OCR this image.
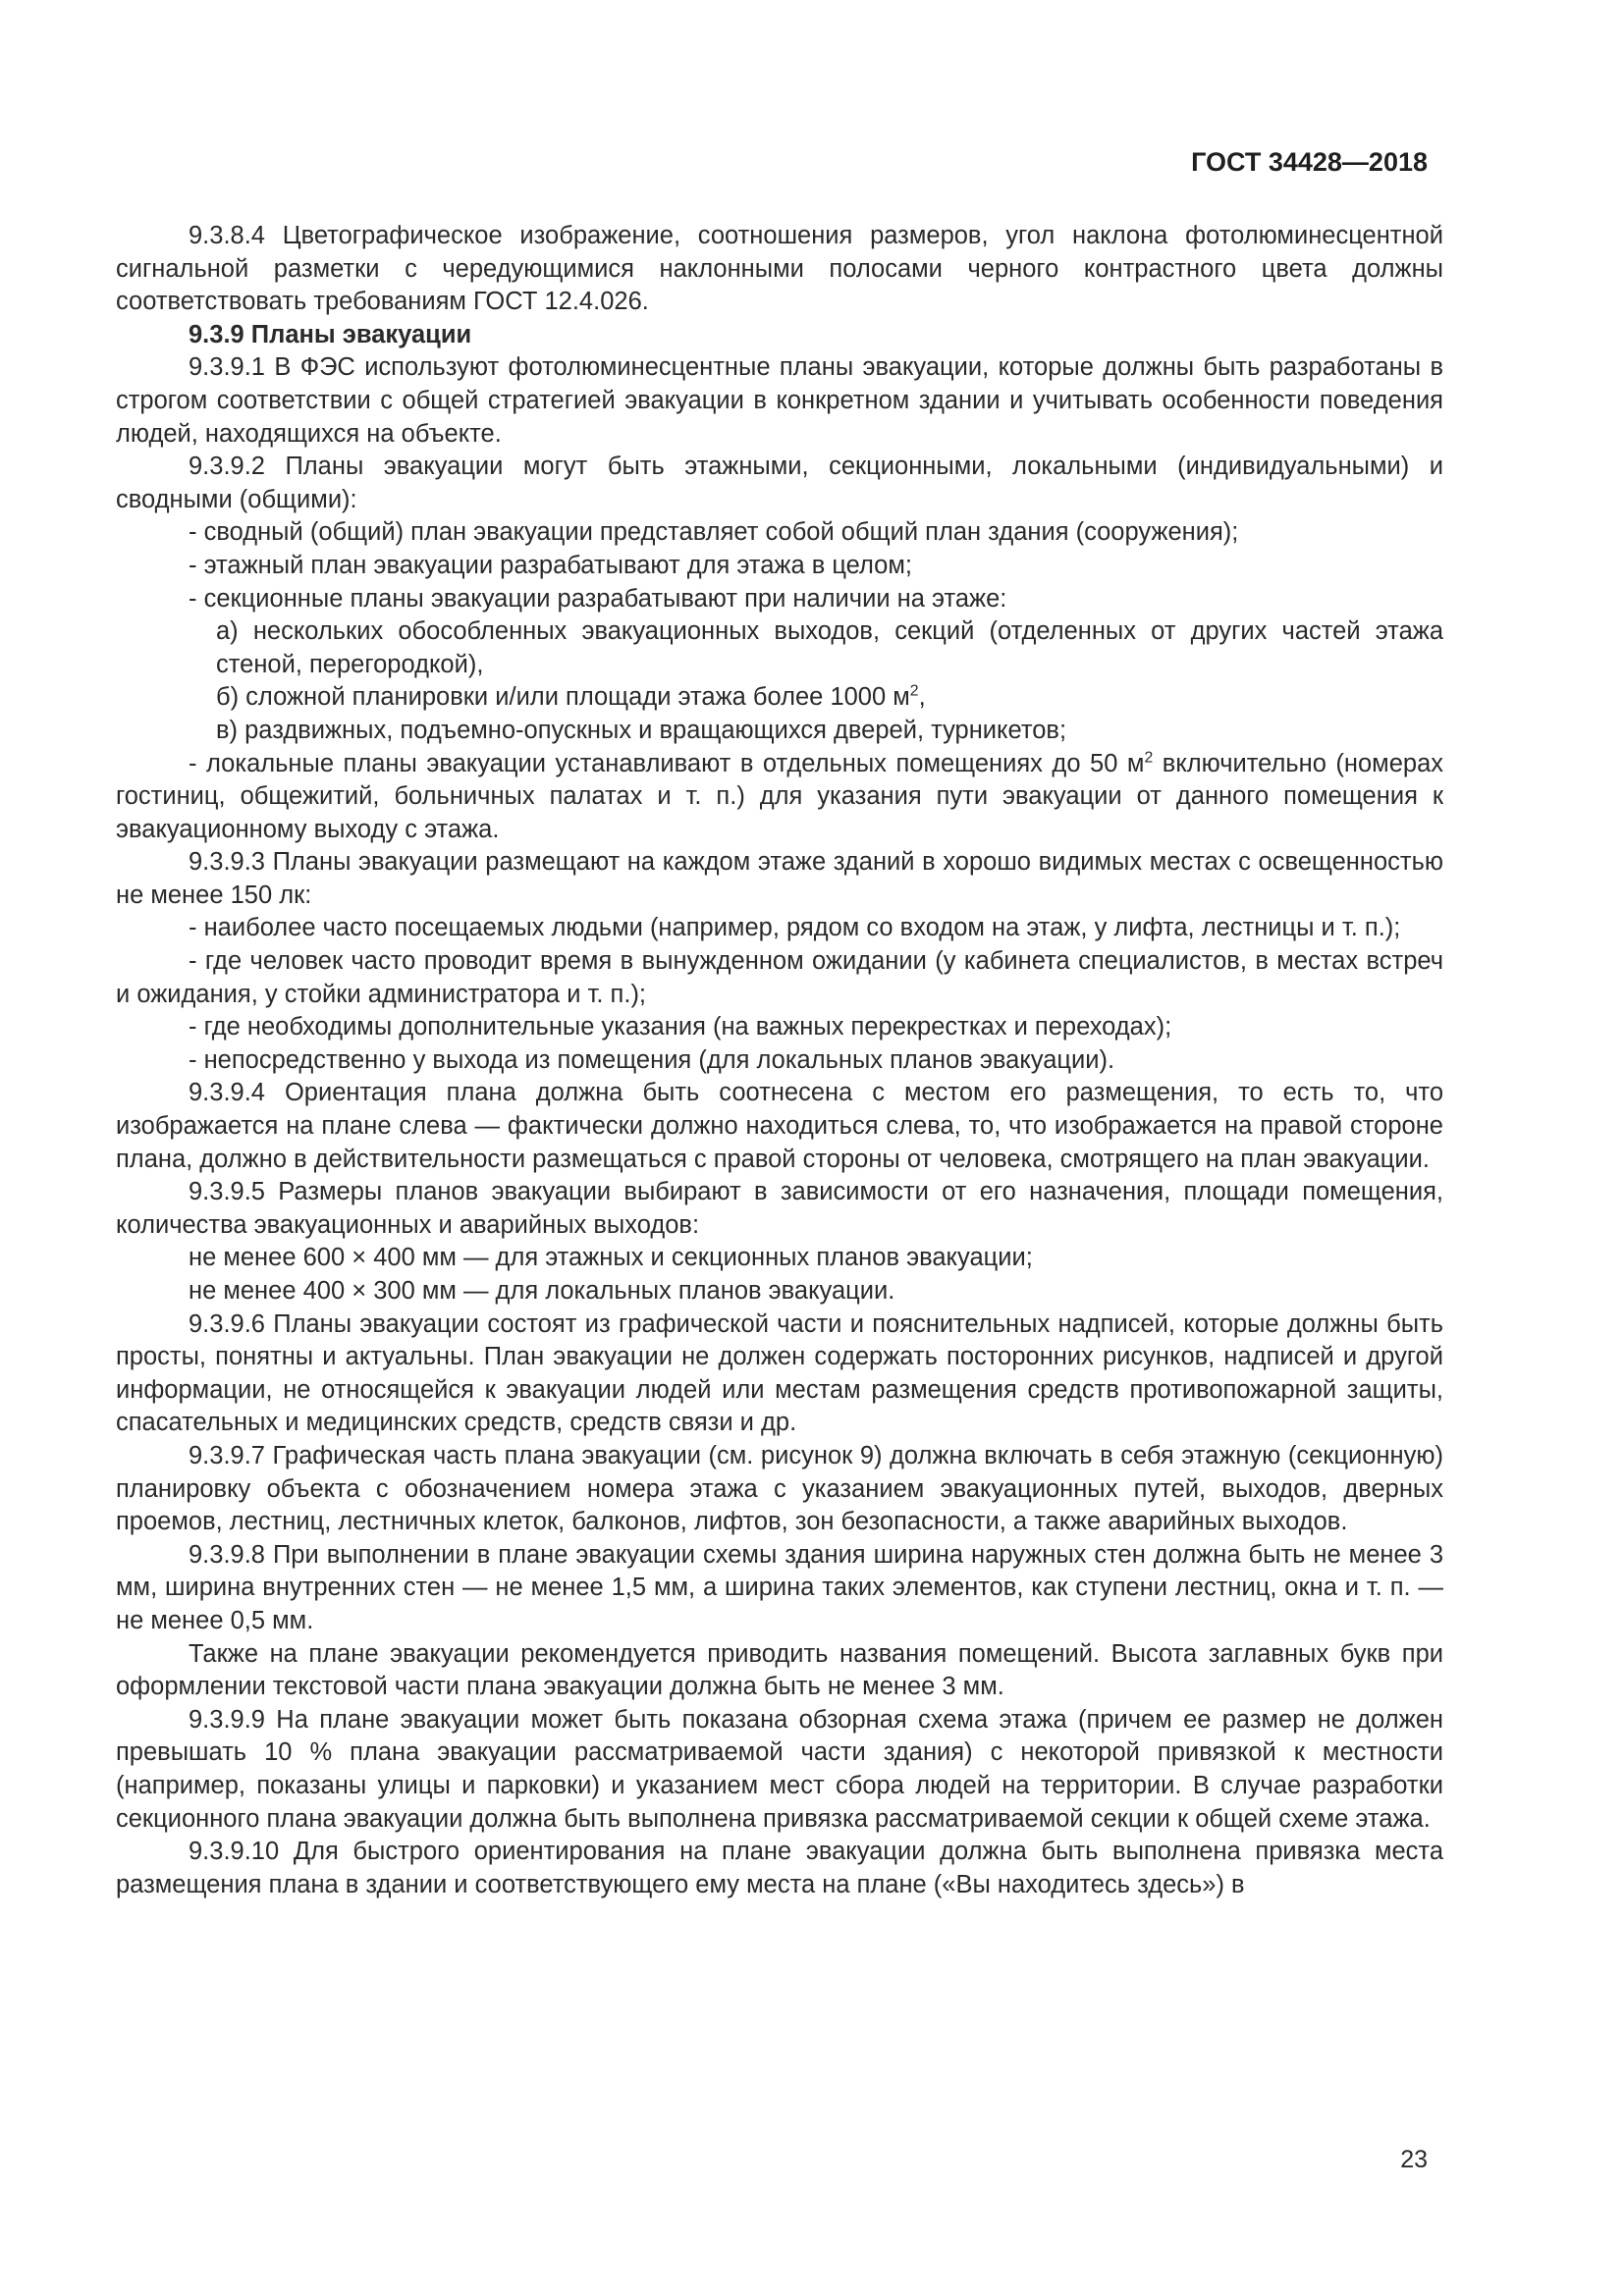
ГОСТ 34428—2018

9.3.8.4 Цветографическое изображение, соотношения размеров, угол наклона фотолюминесцентной сигнальной разметки с чередующимися наклонными полосами черного контрастного цвета должны соответствовать требованиям ГОСТ 12.4.026.

9.3.9 Планы эвакуации

9.3.9.1 В ФЭС используют фотолюминесцентные планы эвакуации, которые должны быть разработаны в строгом соответствии с общей стратегией эвакуации в конкретном здании и учитывать особенности поведения людей, находящихся на объекте.

9.3.9.2 Планы эвакуации могут быть этажными, секционными, локальными (индивидуальными) и сводными (общими):

- сводный (общий) план эвакуации представляет собой общий план здания (сооружения);

- этажный план эвакуации разрабатывают для этажа в целом;

- секционные планы эвакуации разрабатывают при наличии на этаже:

а) нескольких обособленных эвакуационных выходов, секций (отделенных от других частей этажа стеной, перегородкой),

б) сложной планировки и/или площади этажа более 1000 $м^2$,

в) раздвижных, подъемно-опускных и вращающихся дверей, турникетов;

- локальные планы эвакуации устанавливают в отдельных помещениях до 50 $м^2$ включительно (номерах гостиниц, общежитий, больничных палатах и т. п.) для указания пути эвакуации от данного помещения к эвакуационному выходу с этажа.

9.3.9.3 Планы эвакуации размещают на каждом этаже зданий в хорошо видимых местах с освещенностью не менее 150 лк:

- наиболее часто посещаемых людьми (например, рядом со входом на этаж, у лифта, лестницы и т. п.);

- где человек часто проводит время в вынужденном ожидании (у кабинета специалистов, в местах встреч и ожидания, у стойки администратора и т. п.);

- где необходимы дополнительные указания (на важных перекрестках и переходах);

- непосредственно у выхода из помещения (для локальных планов эвакуации).

9.3.9.4 Ориентация плана должна быть соотнесена с местом его размещения, то есть то, что изображается на плане слева — фактически должно находиться слева, то, что изображается на правой стороне плана, должно в действительности размещаться с правой стороны от человека, смотрящего на план эвакуации.

9.3.9.5 Размеры планов эвакуации выбирают в зависимости от его назначения, площади помещения, количества эвакуационных и аварийных выходов:

не менее 600 × 400 мм — для этажных и секционных планов эвакуации;

не менее 400 × 300 мм — для локальных планов эвакуации.

9.3.9.6 Планы эвакуации состоят из графической части и пояснительных надписей, которые должны быть просты, понятны и актуальны. План эвакуации не должен содержать посторонних рисунков, надписей и другой информации, не относящейся к эвакуации людей или местам размещения средств противопожарной защиты, спасательных и медицинских средств, средств связи и др.

9.3.9.7 Графическая часть плана эвакуации (см. рисунок 9) должна включать в себя этажную (секционную) планировку объекта с обозначением номера этажа с указанием эвакуационных путей, выходов, дверных проемов, лестниц, лестничных клеток, балконов, лифтов, зон безопасности, а также аварийных выходов.

9.3.9.8 При выполнении в плане эвакуации схемы здания ширина наружных стен должна быть не менее 3 мм, ширина внутренних стен — не менее 1,5 мм, а ширина таких элементов, как ступени лестниц, окна и т. п. — не менее 0,5 мм.

Также на плане эвакуации рекомендуется приводить названия помещений. Высота заглавных букв при оформлении текстовой части плана эвакуации должна быть не менее 3 мм.

9.3.9.9 На плане эвакуации может быть показана обзорная схема этажа (причем ее размер не должен превышать 10 % плана эвакуации рассматриваемой части здания) с некоторой привязкой к местности (например, показаны улицы и парковки) и указанием мест сбора людей на территории. В случае разработки секционного плана эвакуации должна быть выполнена привязка рассматриваемой секции к общей схеме этажа.

9.3.9.10 Для быстрого ориентирования на плане эвакуации должна быть выполнена привязка места размещения плана в здании и соответствующего ему места на плане («Вы находитесь здесь») в

23
